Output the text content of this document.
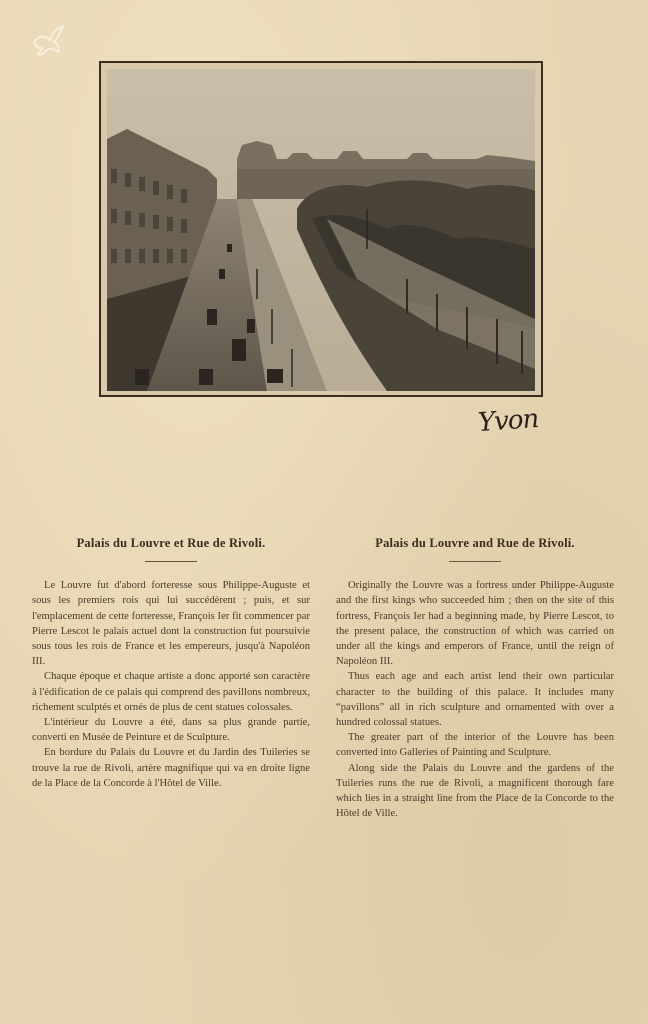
Yvon
Palais du Louvre et Rue de Rivoli.

Le Louvre fut d'abord forteresse sous Philippe-Auguste et sous les premiers rois qui lui succédèrent ; puis, et sur l'emplacement de cette forteresse, François Ier fit commencer par Pierre Lescot le palais actuel dont la construction fut poursuivie sous tous les rois de France et les empereurs, jusqu'à Napoléon III.

Chaque époque et chaque artiste a donc apporté son caractère à l'édification de ce palais qui comprend des pavillons nombreux, richement sculptés et ornés de plus de cent statues colossales.

L'intérieur du Louvre a été, dans sa plus grande partie, converti en Musée de Peinture et de Sculpture.

En bordure du Palais du Louvre et du Jardin des Tuileries se trouve la rue de Rivoli, artère magnifique qui va en droite ligne de la Place de la Concorde à l'Hôtel de Ville.

Palais du Louvre and Rue de Rivoli.

Originally the Louvre was a fortress under Philippe-Auguste and the first kings who succeeded him ; then on the site of this fortress, François Ier had a beginning made, by Pierre Lescot, to the present palace, the construction of which was carried on under all the kings and emperors of France, until the reign of Napoléon III.

Thus each age and each artist lend their own particular character to the building of this palace. It includes many “pavillons” all in rich sculpture and ornamented with over a hundred colossal statues.

The greater part of the interior of the Louvre has been converted into Galleries of Painting and Sculpture.

Along side the Palais du Louvre and the gardens of the Tuileries runs the rue de Rivoli, a magnificent thorough fare which lies in a straight line from the Place de la Concorde to the Hôtel de Ville.
